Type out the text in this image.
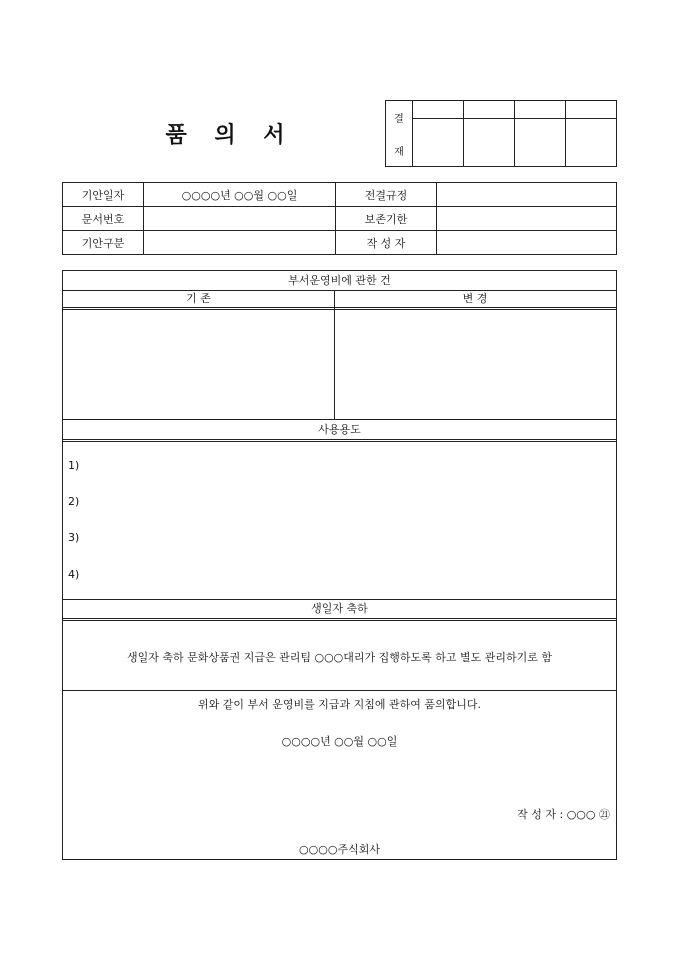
품 의 서
결
재				

기안일자	○○○○년 ○○월 ○○일	전결규정	
문서번호		보존기한	
기안구분		작 성 자	
부서운영비에 관한 건
기 존	변 경
사용용도
1)
2)
3)
4)
생일자 축하
생일자 축하 문화상품권 지급은 관리팀 ○○○대리가 집행하도록 하고 별도 관리하기로 함
위와 같이 부서 운영비를 지급과 지침에 관하여 품의합니다.
○○○○년 ○○월 ○○일
작 성 자 : ○○○ ㉑
○○○○주식회사
